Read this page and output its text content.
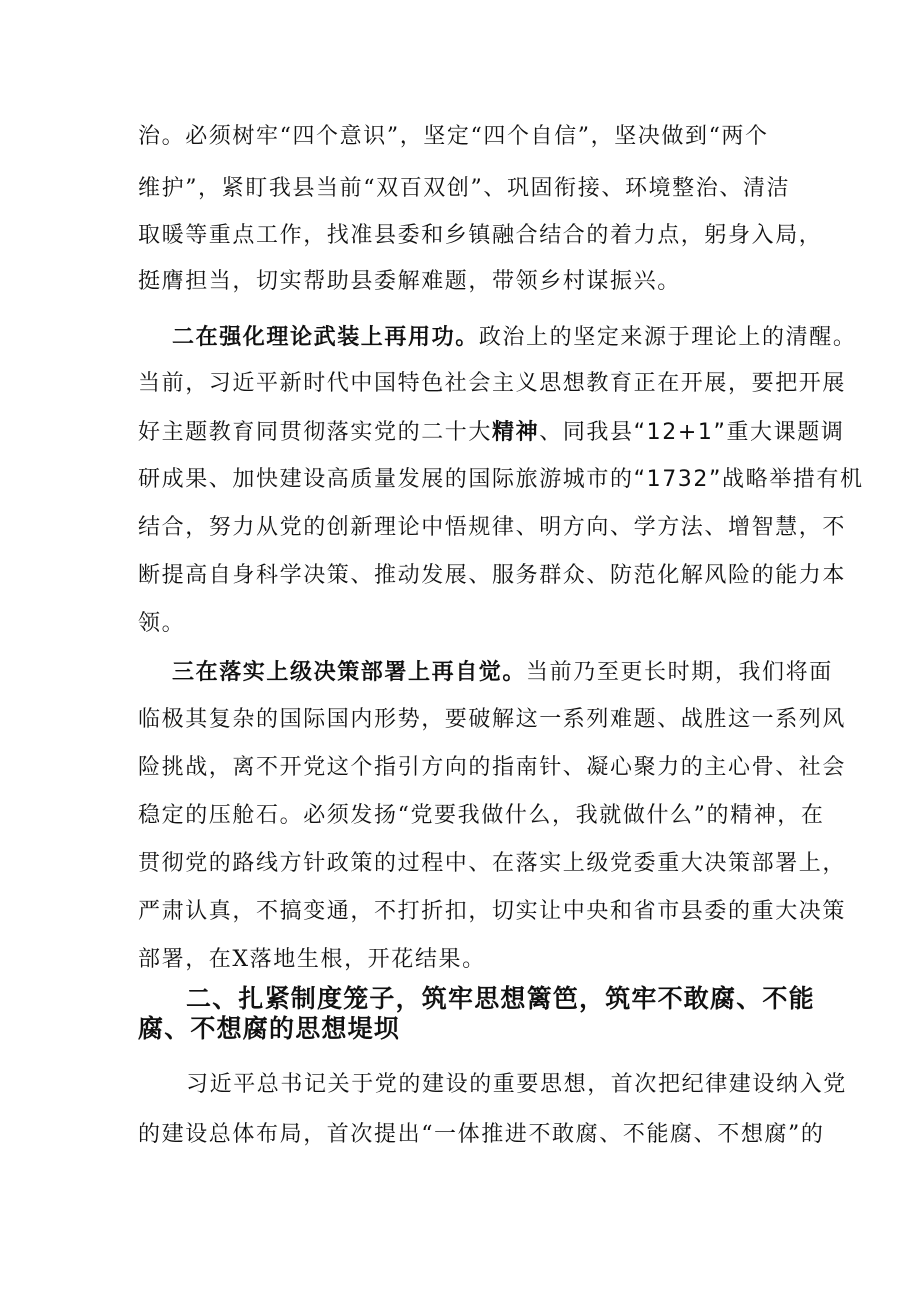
治。必须树牢“四个意识”，坚定“四个自信”，坚决做到“两个
维护”，紧盯我县当前“双百双创”、巩固衔接、环境整治、清洁
取暖等重点工作，找准县委和乡镇融合结合的着力点，躬身入局，
挺膺担当，切实帮助县委解难题，带领乡村谋振兴。
二在强化理论武装上再用功。政治上的坚定来源于理论上的清醒。
当前，习近平新时代中国特色社会主义思想教育正在开展，要把开展
好主题教育同贯彻落实党的二十大精神、同我县“12+1”重大课题调
研成果、加快建设高质量发展的国际旅游城市的“1732”战略举措有机
结合，努力从党的创新理论中悟规律、明方向、学方法、增智慧，不
断提高自身科学决策、推动发展、服务群众、防范化解风险的能力本
领。
三在落实上级决策部署上再自觉。当前乃至更长时期，我们将面
临极其复杂的国际国内形势，要破解这一系列难题、战胜这一系列风
险挑战，离不开党这个指引方向的指南针、凝心聚力的主心骨、社会
稳定的压舱石。必须发扬“党要我做什么，我就做什么”的精神，在
贯彻党的路线方针政策的过程中、在落实上级党委重大决策部署上，
严肃认真，不搞变通，不打折扣，切实让中央和省市县委的重大决策
部署，在X落地生根，开花结果。
二、扎紧制度笼子，筑牢思想篱笆，筑牢不敢腐、不能
腐、不想腐的思想堤坝
习近平总书记关于党的建设的重要思想，首次把纪律建设纳入党
的建设总体布局，首次提出“一体推进不敢腐、不能腐、不想腐”的
